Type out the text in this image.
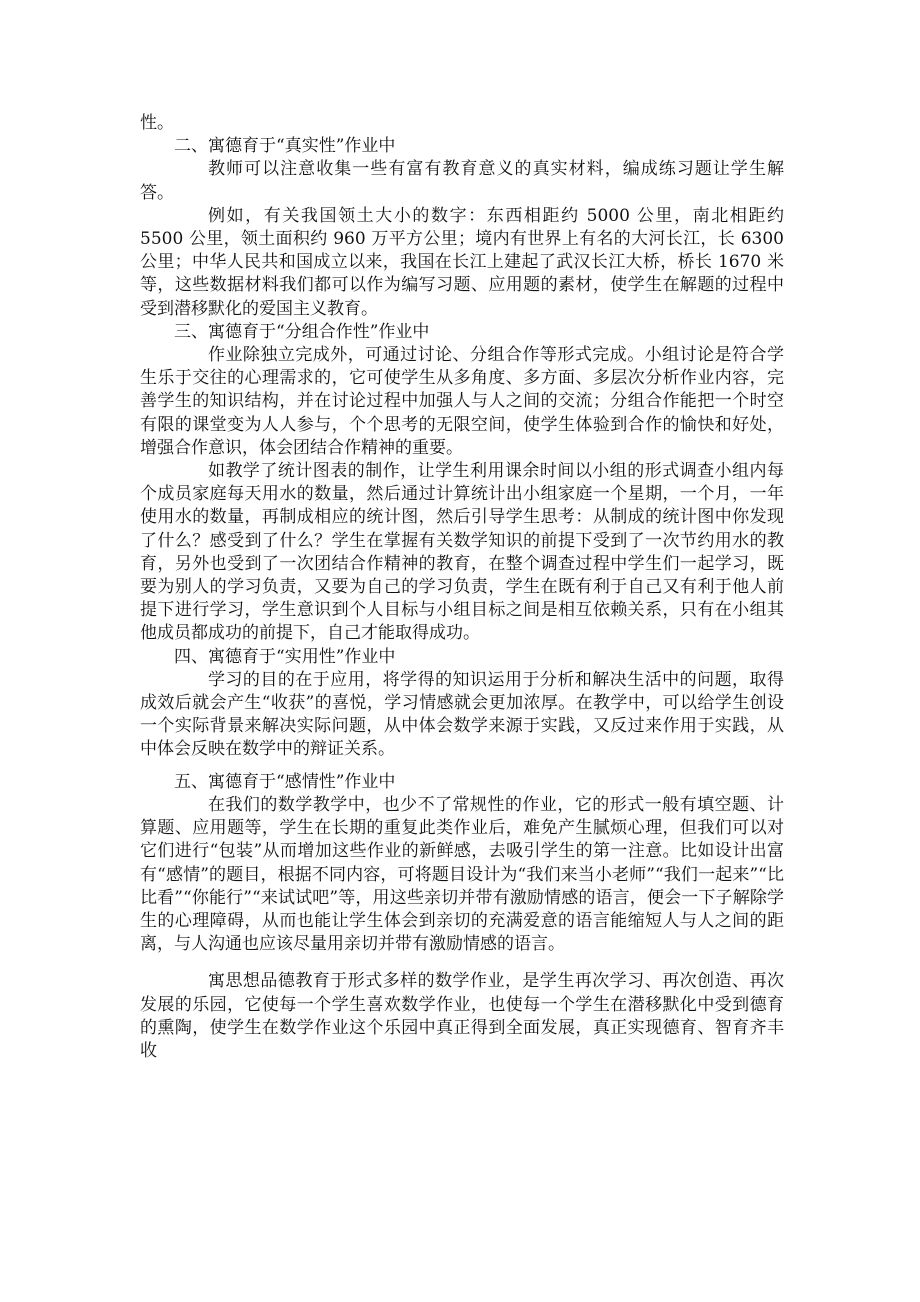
性。

二、寓德育于“真实性”作业中

教师可以注意收集一些有富有教育意义的真实材料，编成练习题让学生解答。

例如，有关我国领土大小的数字：东西相距约 5000 公里，南北相距约 5500 公里，领土面积约 960 万平方公里；境内有世界上有名的大河长江，长 6300 公里；中华人民共和国成立以来，我国在长江上建起了武汉长江大桥，桥长 1670 米等，这些数据材料我们都可以作为编写习题、应用题的素材，使学生在解题的过程中受到潜移默化的爱国主义教育。

三、寓德育于“分组合作性”作业中

作业除独立完成外，可通过讨论、分组合作等形式完成。小组讨论是符合学生乐于交往的心理需求的，它可使学生从多角度、多方面、多层次分析作业内容，完善学生的知识结构，并在讨论过程中加强人与人之间的交流；分组合作能把一个时空有限的课堂变为人人参与，个个思考的无限空间，使学生体验到合作的愉快和好处，增强合作意识，体会团结合作精神的重要。

如教学了统计图表的制作，让学生利用课余时间以小组的形式调查小组内每个成员家庭每天用水的数量，然后通过计算统计出小组家庭一个星期，一个月，一年使用水的数量，再制成相应的统计图，然后引导学生思考：从制成的统计图中你发现了什么？感受到了什么？学生在掌握有关数学知识的前提下受到了一次节约用水的教育，另外也受到了一次团结合作精神的教育，在整个调查过程中学生们一起学习，既要为别人的学习负责，又要为自己的学习负责，学生在既有利于自己又有利于他人前提下进行学习，学生意识到个人目标与小组目标之间是相互依赖关系，只有在小组其他成员都成功的前提下，自己才能取得成功。

四、寓德育于“实用性”作业中

学习的目的在于应用，将学得的知识运用于分析和解决生活中的问题，取得成效后就会产生“收获”的喜悦，学习情感就会更加浓厚。在教学中，可以给学生创设一个实际背景来解决实际问题，从中体会数学来源于实践，又反过来作用于实践，从中体会反映在数学中的辩证关系。

五、寓德育于“感情性”作业中

在我们的数学教学中，也少不了常规性的作业，它的形式一般有填空题、计算题、应用题等，学生在长期的重复此类作业后，难免产生腻烦心理，但我们可以对它们进行“包装”从而增加这些作业的新鲜感，去吸引学生的第一注意。比如设计出富有“感情”的题目，根据不同内容，可将题目设计为“我们来当小老师”“我们一起来”“比比看”“你能行”“来试试吧”等，用这些亲切并带有激励情感的语言，便会一下子解除学生的心理障碍，从而也能让学生体会到亲切的充满爱意的语言能缩短人与人之间的距离，与人沟通也应该尽量用亲切并带有激励情感的语言。

寓思想品德教育于形式多样的数学作业，是学生再次学习、再次创造、再次发展的乐园，它使每一个学生喜欢数学作业，也使每一个学生在潜移默化中受到德育的熏陶，使学生在数学作业这个乐园中真正得到全面发展，真正实现德育、智育齐丰收
